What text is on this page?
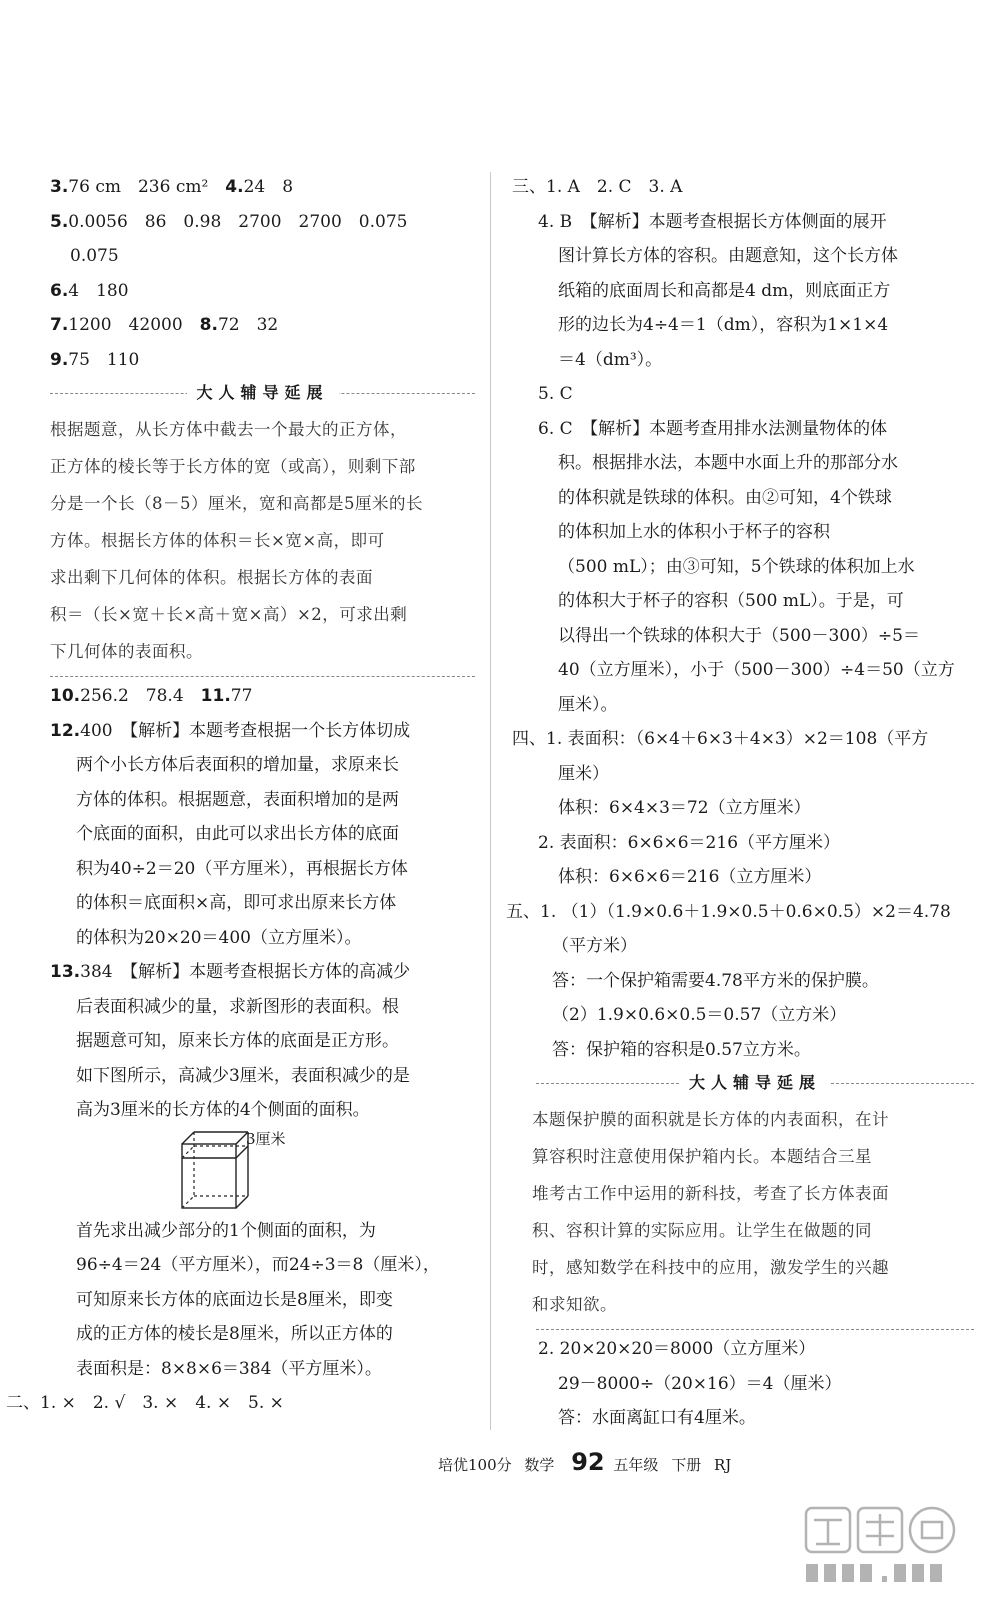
3.76 cm　236 cm²　4.24　8
5.0.0056　86　0.98　2700　2700　0.075
0.075
6.4　180
7.1200　42000　8.72　32
9.75　110
大人辅导延展
根据题意，从长方体中截去一个最大的正方体，
正方体的棱长等于长方体的宽（或高），则剩下部
分是一个长（8－5）厘米，宽和高都是5厘米的长
方体。根据长方体的体积＝长×宽×高，即可
求出剩下几何体的体积。根据长方体的表面
积＝（长×宽＋长×高＋宽×高）×2，可求出剩
下几何体的表面积。
10.256.2　78.4　11.77
12.400　【解析】本题考查根据一个长方体切成
两个小长方体后表面积的增加量，求原来长
方体的体积。根据题意，表面积增加的是两
个底面的面积，由此可以求出长方体的底面
积为40÷2＝20（平方厘米），再根据长方体
的体积＝底面积×高，即可求出原来长方体
的体积为20×20＝400（立方厘米）。
13.384　【解析】本题考查根据长方体的高减少
后表面积减少的量，求新图形的表面积。根
据题意可知，原来长方体的底面是正方形。
如下图所示，高减少3厘米，表面积减少的是
高为3厘米的长方体的4个侧面的面积。
3厘米
首先求出减少部分的1个侧面的面积，为
96÷4＝24（平方厘米），而24÷3＝8（厘米），
可知原来长方体的底面边长是8厘米，即变
成的正方体的棱长是8厘米，所以正方体的
表面积是：8×8×6＝384（平方厘米）。
二、1. ×　2. √　3. ×　4. ×　5. ×
三、1. A　2. C　3. A
4. B　【解析】本题考查根据长方体侧面的展开
图计算长方体的容积。由题意知，这个长方体
纸箱的底面周长和高都是4 dm，则底面正方
形的边长为4÷4＝1（dm），容积为1×1×4
＝4（dm³）。
5. C
6. C　【解析】本题考查用排水法测量物体的体
积。根据排水法，本题中水面上升的那部分水
的体积就是铁球的体积。由②可知，4个铁球
的体积加上水的体积小于杯子的容积
（500 mL）；由③可知，5个铁球的体积加上水
的体积大于杯子的容积（500 mL）。于是，可
以得出一个铁球的体积大于（500－300）÷5＝
40（立方厘米），小于（500－300）÷4＝50（立方
厘米）。
四、1. 表面积：（6×4＋6×3＋4×3）×2＝108（平方
厘米）
体积：6×4×3＝72（立方厘米）
2. 表面积：6×6×6＝216（平方厘米）
体积：6×6×6＝216（立方厘米）
五、1. （1）（1.9×0.6＋1.9×0.5＋0.6×0.5）×2＝4.78
（平方米）
答：一个保护箱需要4.78平方米的保护膜。
（2）1.9×0.6×0.5＝0.57（立方米）
答：保护箱的容积是0.57立方米。
大人辅导延展
本题保护膜的面积就是长方体的内表面积，在计
算容积时注意使用保护箱内长。本题结合三星
堆考古工作中运用的新科技，考查了长方体表面
积、容积计算的实际应用。让学生在做题的同
时，感知数学在科技中的应用，激发学生的兴趣
和求知欲。
2. 20×20×20＝8000（立方厘米）
29－8000÷（20×16）＝4（厘米）
答：水面离缸口有4厘米。
培优100分 数学 92 五年级 下册 RJ
